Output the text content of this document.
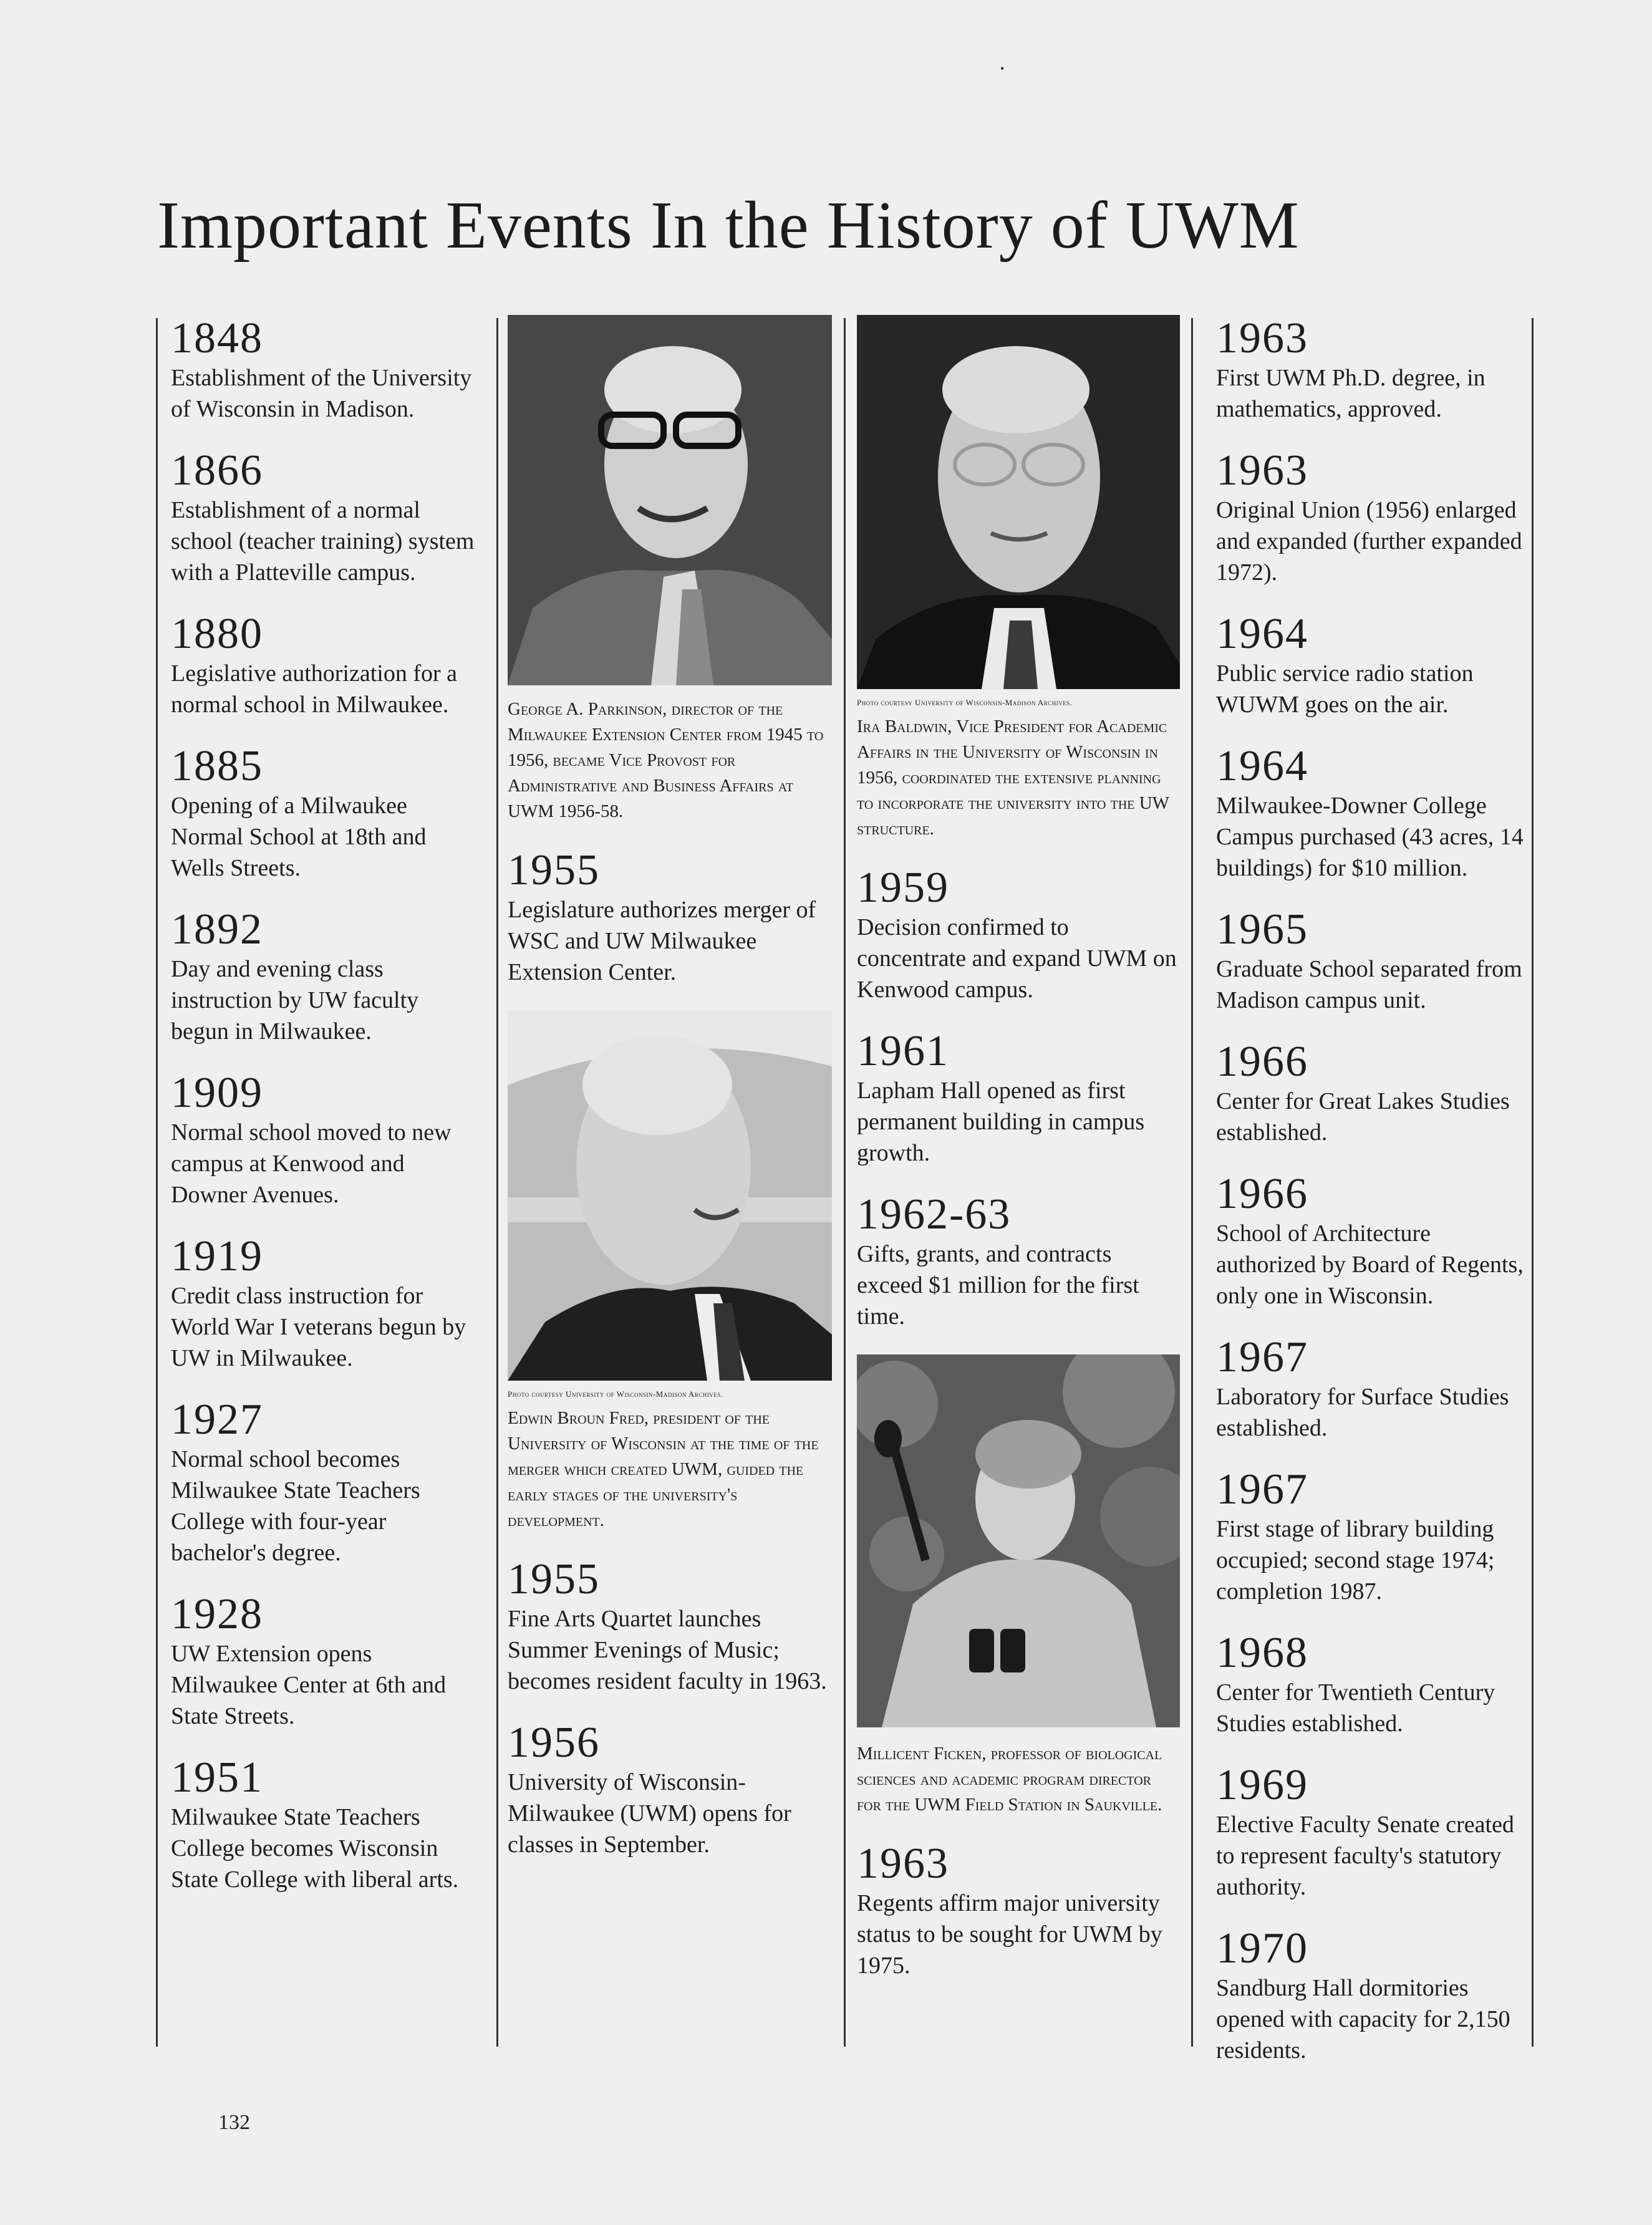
•
Important Events In the History of UWM

1848

Establishment of the University of Wisconsin in Madison.

1866

Establishment of a normal school (teacher training) system with a Platteville campus.

1880

Legislative authorization for a normal school in Milwaukee.

1885

Opening of a Milwaukee Normal School at 18th and Wells Streets.

1892

Day and evening class instruction by UW faculty begun in Milwaukee.

1909

Normal school moved to new campus at Kenwood and Downer Avenues.

1919

Credit class instruction for World War I veterans begun by UW in Milwaukee.

1927

Normal school becomes Milwaukee State Teachers College with four-year bachelor's degree.

1928

UW Extension opens Milwaukee Center at 6th and State Streets.

1951

Milwaukee State Teachers College becomes Wisconsin State College with liberal arts.

George A. Parkinson, director of the Milwaukee Extension Center from 1945 to 1956, became Vice Provost for Administrative and Business Affairs at UWM 1956-58.

1955

Legislature authorizes merger of WSC and UW Milwaukee Extension Center.

Photo courtesy University of Wisconsin-Madison Archives.

Edwin Broun Fred, president of the University of Wisconsin at the time of the merger which created UWM, guided the early stages of the university's development.

1955

Fine Arts Quartet launches Summer Evenings of Music; becomes resident faculty in 1963.

1956

University of Wisconsin-Milwaukee (UWM) opens for classes in September.

Photo courtesy University of Wisconsin-Madison Archives.

Ira Baldwin, Vice President for Academic Affairs in the University of Wisconsin in 1956, coordinated the extensive planning to incorporate the university into the UW structure.

1959

Decision confirmed to concentrate and expand UWM on Kenwood campus.

1961

Lapham Hall opened as first permanent building in campus growth.

1962-63

Gifts, grants, and contracts exceed $1 million for the first time.

Millicent Ficken, professor of biological sciences and academic program director for the UWM Field Station in Saukville.

1963

Regents affirm major university status to be sought for UWM by 1975.

1963

First UWM Ph.D. degree, in mathematics, approved.

1963

Original Union (1956) enlarged and expanded (further expanded 1972).

1964

Public service radio station WUWM goes on the air.

1964

Milwaukee-Downer College Campus purchased (43 acres, 14 buildings) for $10 million.

1965

Graduate School separated from Madison campus unit.

1966

Center for Great Lakes Studies established.

1966

School of Architecture authorized by Board of Regents, only one in Wisconsin.

1967

Laboratory for Surface Studies established.

1967

First stage of library building occupied; second stage 1974; completion 1987.

1968

Center for Twentieth Century Studies established.

1969

Elective Faculty Senate created to represent faculty's statutory authority.

1970

Sandburg Hall dormitories opened with capacity for 2,150 residents.

132
